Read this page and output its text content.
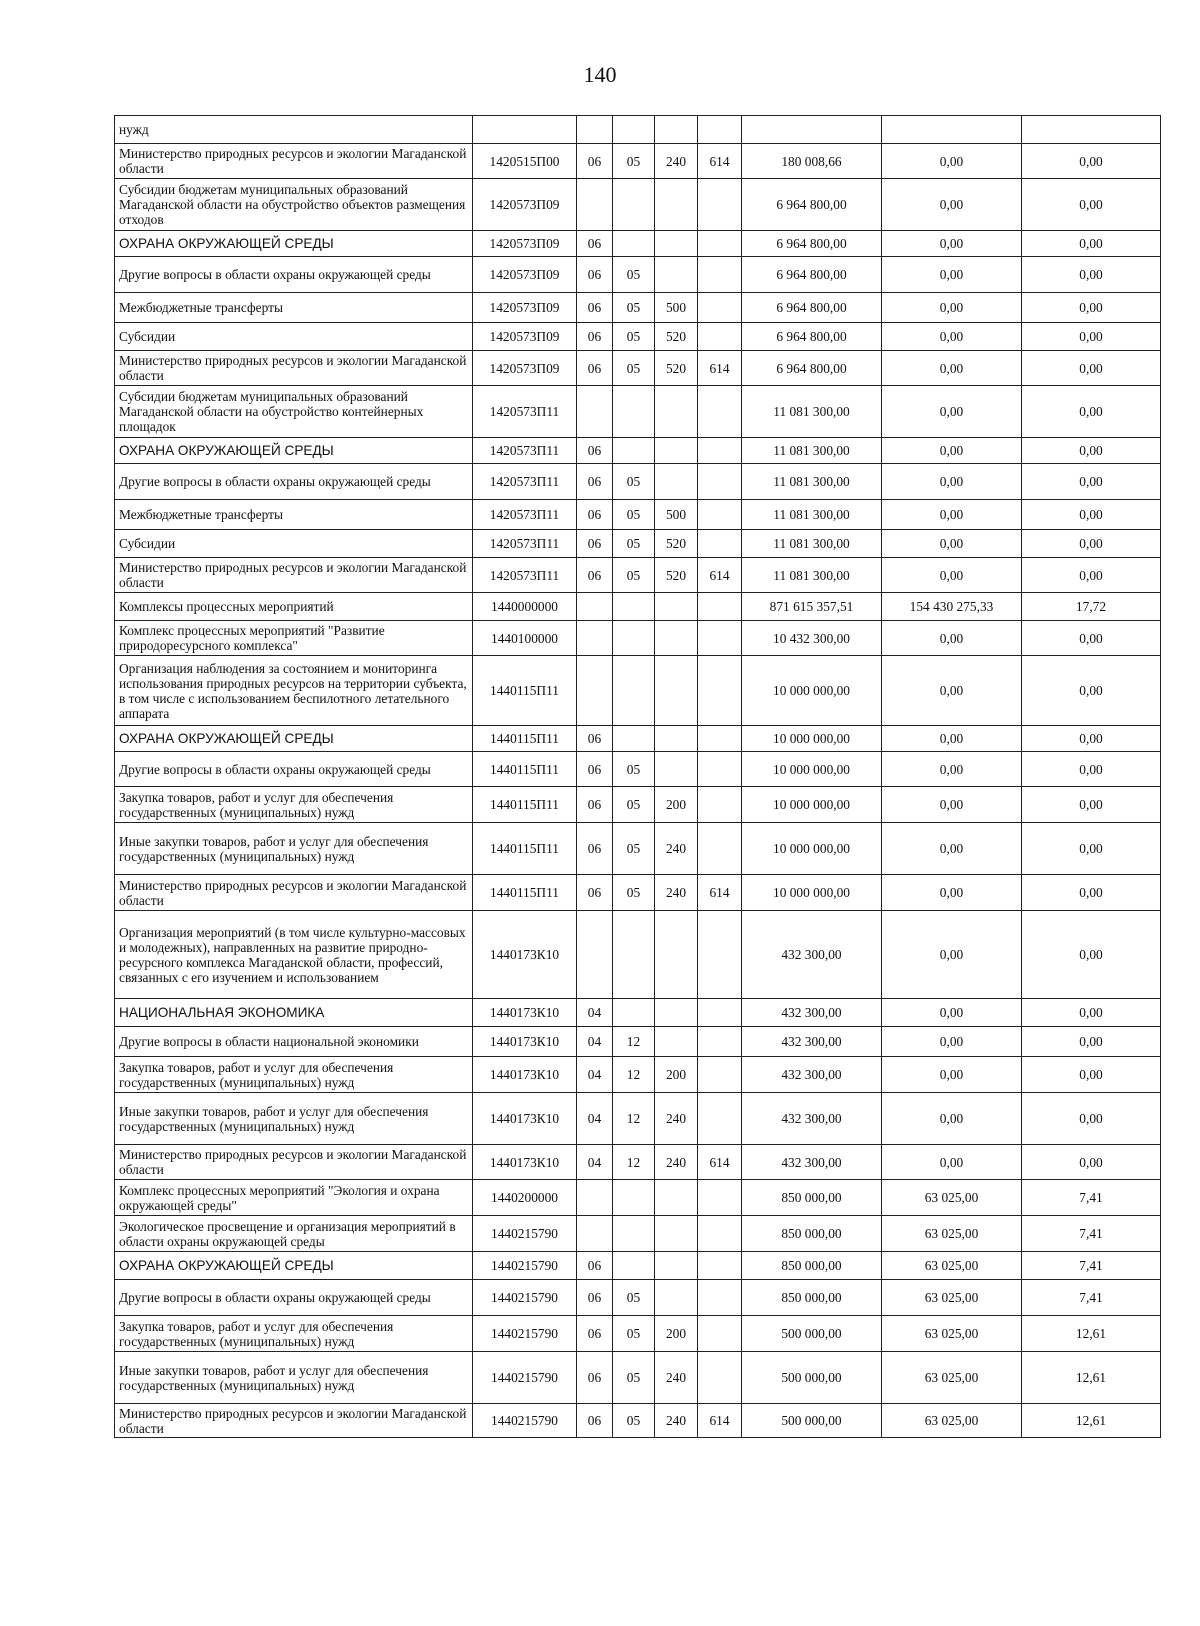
140
нужд								
Министерство природных ресурсов и экологии Магаданской области	1420515П00	06	05	240	614	180 008,66	0,00	0,00
Субсидии бюджетам муниципальных образований Магаданской области на обустройство объектов размещения отходов	1420573П09					6 964 800,00	0,00	0,00
ОХРАНА ОКРУЖАЮЩЕЙ СРЕДЫ	1420573П09	06				6 964 800,00	0,00	0,00
Другие вопросы в области охраны окружающей среды	1420573П09	06	05			6 964 800,00	0,00	0,00
Межбюджетные трансферты	1420573П09	06	05	500		6 964 800,00	0,00	0,00
Субсидии	1420573П09	06	05	520		6 964 800,00	0,00	0,00
Министерство природных ресурсов и экологии Магаданской области	1420573П09	06	05	520	614	6 964 800,00	0,00	0,00
Субсидии бюджетам муниципальных образований Магаданской области на обустройство контейнерных площадок	1420573П11					11 081 300,00	0,00	0,00
ОХРАНА ОКРУЖАЮЩЕЙ СРЕДЫ	1420573П11	06				11 081 300,00	0,00	0,00
Другие вопросы в области охраны окружающей среды	1420573П11	06	05			11 081 300,00	0,00	0,00
Межбюджетные трансферты	1420573П11	06	05	500		11 081 300,00	0,00	0,00
Субсидии	1420573П11	06	05	520		11 081 300,00	0,00	0,00
Министерство природных ресурсов и экологии Магаданской области	1420573П11	06	05	520	614	11 081 300,00	0,00	0,00
Комплексы процессных мероприятий	1440000000					871 615 357,51	154 430 275,33	17,72
Комплекс процессных мероприятий "Развитие природоресурсного комплекса"	1440100000					10 432 300,00	0,00	0,00
Организация наблюдения за состоянием и мониторинга использования природных ресурсов на территории субъекта, в том числе с использованием беспилотного летательного аппарата	1440115П11					10 000 000,00	0,00	0,00
ОХРАНА ОКРУЖАЮЩЕЙ СРЕДЫ	1440115П11	06				10 000 000,00	0,00	0,00
Другие вопросы в области охраны окружающей среды	1440115П11	06	05			10 000 000,00	0,00	0,00
Закупка товаров, работ и услуг для обеспечения государственных (муниципальных) нужд	1440115П11	06	05	200		10 000 000,00	0,00	0,00
Иные закупки товаров, работ и услуг для обеспечения государственных (муниципальных) нужд	1440115П11	06	05	240		10 000 000,00	0,00	0,00
Министерство природных ресурсов и экологии Магаданской области	1440115П11	06	05	240	614	10 000 000,00	0,00	0,00
Организация мероприятий (в том числе культурно-массовых и молодежных), направленных на развитие природно-ресурсного комплекса Магаданской области, профессий, связанных с его изучением и использованием	1440173К10					432 300,00	0,00	0,00
НАЦИОНАЛЬНАЯ ЭКОНОМИКА	1440173К10	04				432 300,00	0,00	0,00
Другие вопросы в области национальной экономики	1440173К10	04	12			432 300,00	0,00	0,00
Закупка товаров, работ и услуг для обеспечения государственных (муниципальных) нужд	1440173К10	04	12	200		432 300,00	0,00	0,00
Иные закупки товаров, работ и услуг для обеспечения государственных (муниципальных) нужд	1440173К10	04	12	240		432 300,00	0,00	0,00
Министерство природных ресурсов и экологии Магаданской области	1440173К10	04	12	240	614	432 300,00	0,00	0,00
Комплекс процессных мероприятий "Экология и охрана окружающей среды"	1440200000					850 000,00	63 025,00	7,41
Экологическое просвещение и организация мероприятий в области охраны окружающей среды	1440215790					850 000,00	63 025,00	7,41
ОХРАНА ОКРУЖАЮЩЕЙ СРЕДЫ	1440215790	06				850 000,00	63 025,00	7,41
Другие вопросы в области охраны окружающей среды	1440215790	06	05			850 000,00	63 025,00	7,41
Закупка товаров, работ и услуг для обеспечения государственных (муниципальных) нужд	1440215790	06	05	200		500 000,00	63 025,00	12,61
Иные закупки товаров, работ и услуг для обеспечения государственных (муниципальных) нужд	1440215790	06	05	240		500 000,00	63 025,00	12,61
Министерство природных ресурсов и экологии Магаданской области	1440215790	06	05	240	614	500 000,00	63 025,00	12,61
